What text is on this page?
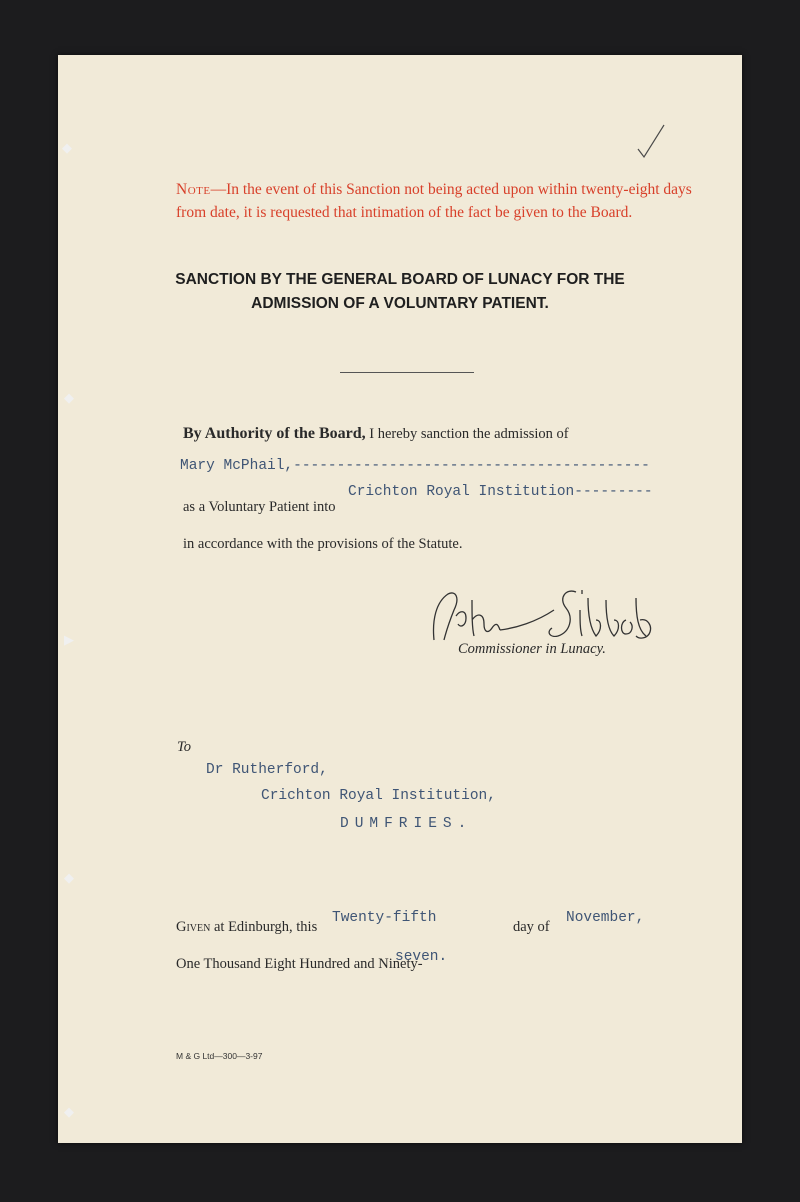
Note—In the event of this Sanction not being acted upon within twenty-eight days from date, it is requested that intimation of the fact be given to the Board.

SANCTION BY THE GENERAL BOARD OF LUNACY FOR THE
ADMISSION OF A VOLUNTARY PATIENT.
By Authority of the Board, I hereby sanction the admission of
Mary McPhail,-----------------------------------------
as a Voluntary Patient into
Crichton Royal Institution---------
in accordance with the provisions of the Statute.
Commissioner in Lunacy.
To
Dr Rutherford,
Crichton Royal Institution,
DUMFRIES.
Given at Edinburgh, this
Twenty-fifth
day of
November,
One Thousand Eight Hundred and Ninety-
seven.
M & G Ltd—300—3-97
◆
◆
▶
◆
◆
